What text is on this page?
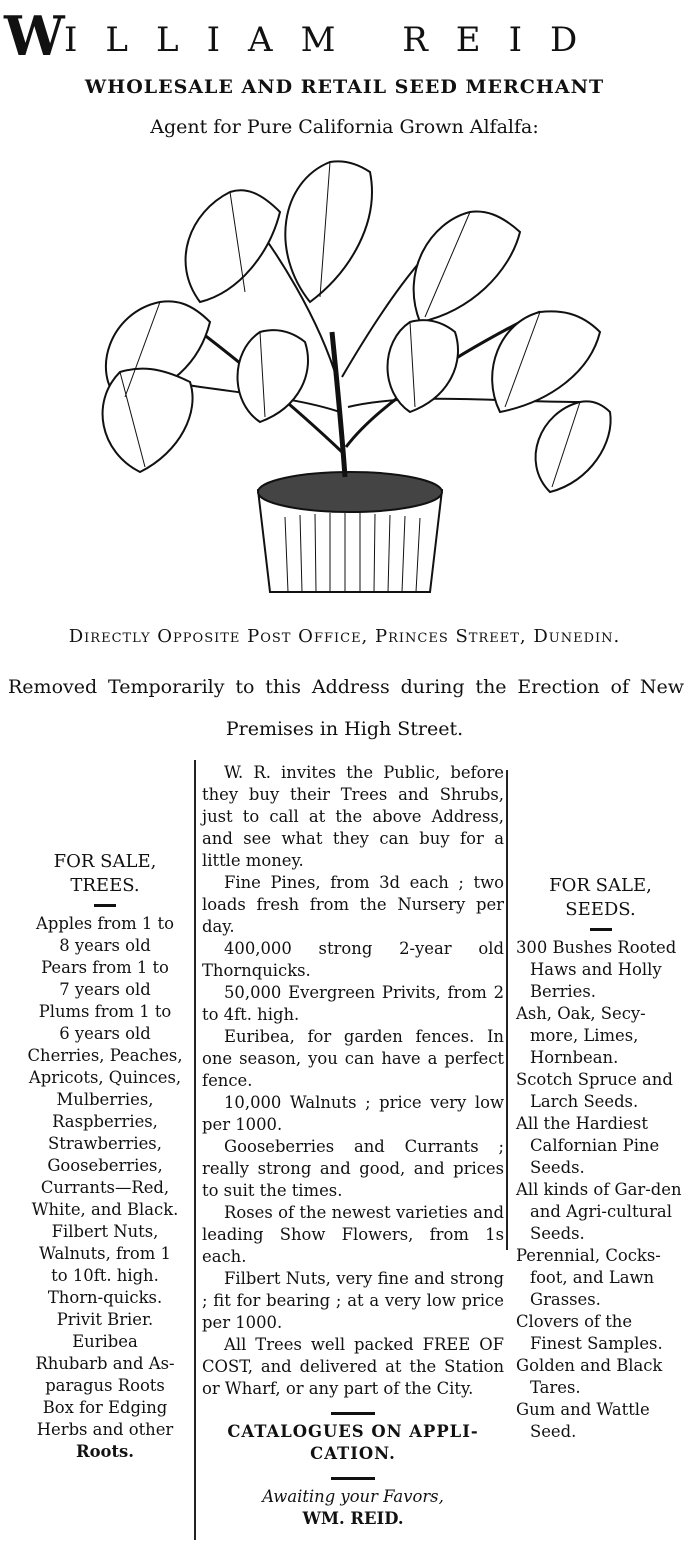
W ILLIAM REID
WHOLESALE AND RETAIL SEED MERCHANT
Agent for Pure California Grown Alfalfa:
Directly Opposite Post Office, Princes Street, Dunedin.
Removed Temporarily to this Address during the Erection of New
Premises in High Street.
FOR SALE,
TREES.
Apples from 1 to
8 years old
Pears from 1 to
7 years old
Plums from 1 to
6 years old
Cherries, Peaches,
Apricots, Quinces,
Mulberries,
Raspberries,
Strawberries,
Gooseberries,
Currants—Red,
White, and Black.
Filbert Nuts,
Walnuts, from 1
to 10ft. high.
Thorn-quicks.
Privit Brier.
Euribea
Rhubarb and As-
paragus Roots
Box for Edging
Herbs and other
Roots.

W. R. invites the Public, before they buy their Trees and Shrubs, just to call at the above Address, and see what they can buy for a little money.

Fine Pines, from 3d each ; two loads fresh from the Nursery per day.

400,000 strong 2-year old Thornquicks.

50,000 Evergreen Privits, from 2 to 4ft. high.

Euribea, for garden fences. In one season, you can have a perfect fence.

10,000 Walnuts ; price very low per 1000.

Gooseberries and Currants ; really strong and good, and prices to suit the times.

Roses of the newest varieties and leading Show Flowers, from 1s each.

Filbert Nuts, very fine and strong ; fit for bearing ; at a very low price per 1000.

All Trees well packed FREE OF COST, and delivered at the Station or Wharf, or any part of the City.

CATALOGUES ON APPLI-
CATION.
Awaiting your Favors,
WM. REID.
FOR SALE,
SEEDS.
300 Bushes Rooted Haws and Holly Berries.
Ash, Oak, Secy-more, Limes, Hornbean.
Scotch Spruce and Larch Seeds.
All the Hardiest Calfornian Pine Seeds.
All kinds of Gar-den and Agri-cultural Seeds.
Perennial, Cocks-foot, and Lawn Grasses.
Clovers of the Finest Samples.
Golden and Black Tares.
Gum and Wattle Seed.
